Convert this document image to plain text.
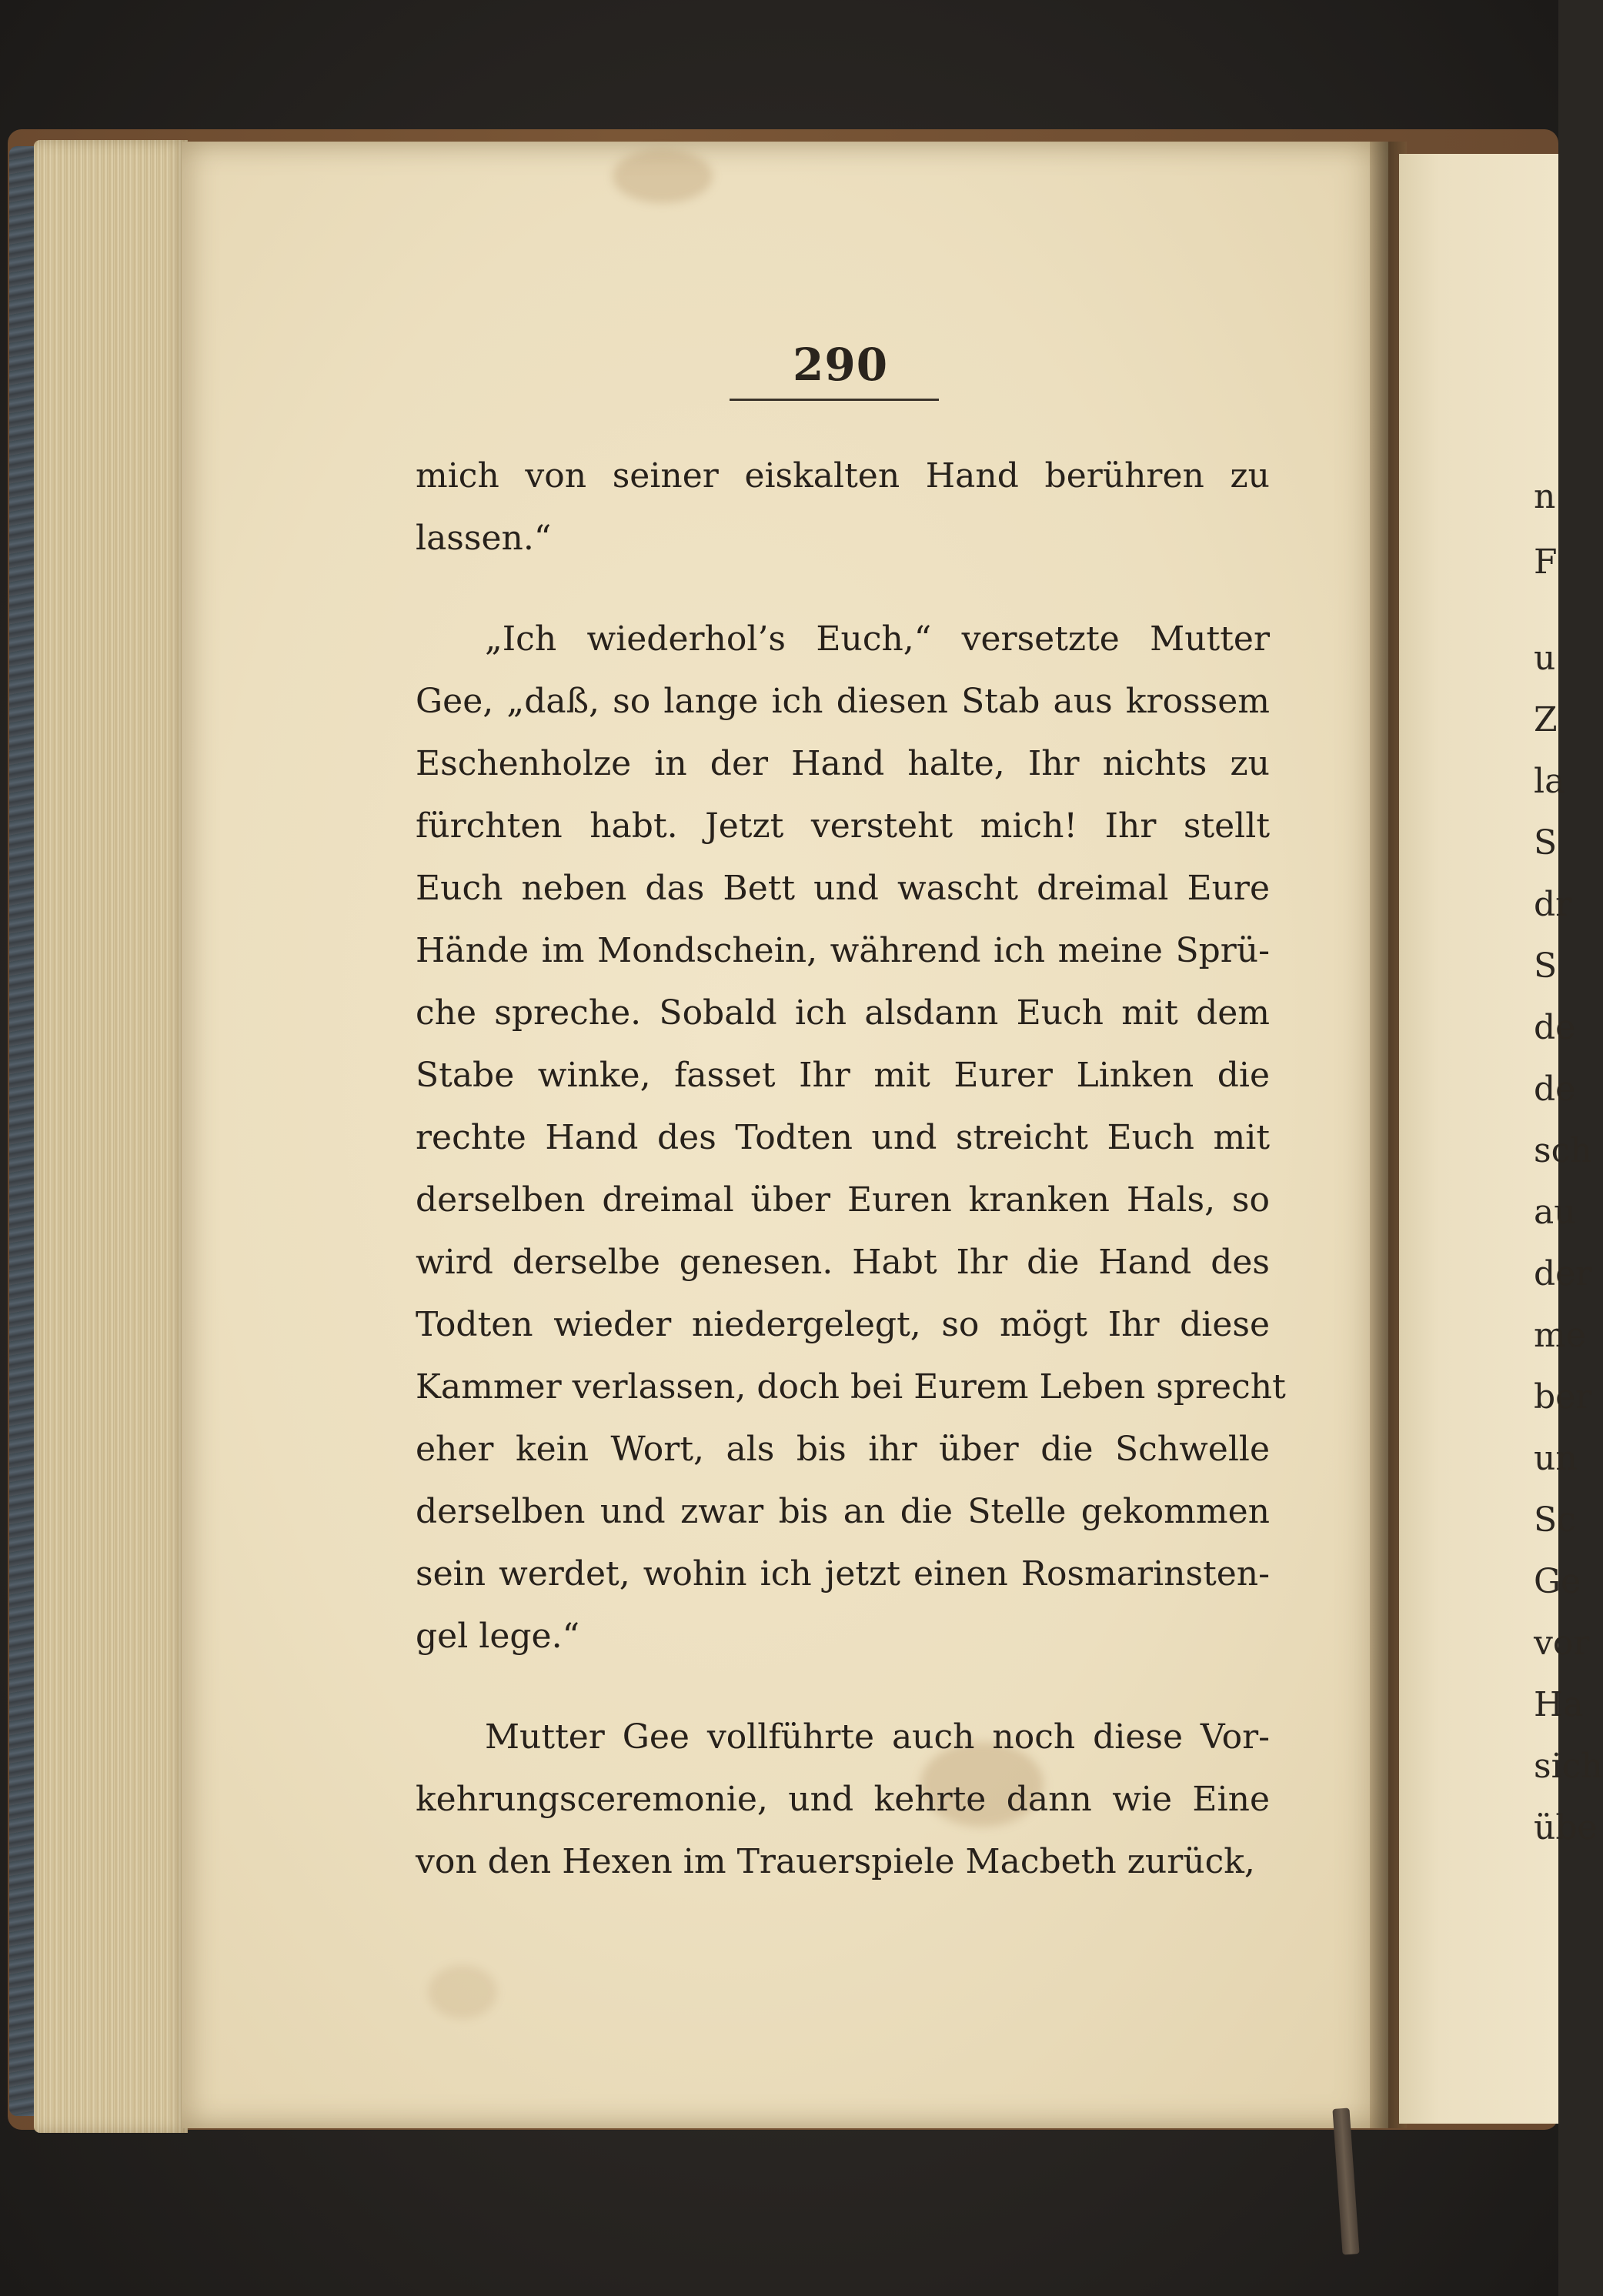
n
F
u
Z
la
S
dr
S
de
de
sch
au
der
me
ber
un
Sc
Ge
vor
Ha
sich
übe
290
mich von seiner eiskalten Hand berühren zu
lassen.“
„Ich wiederhol’s Euch,“ versetzte Mutter
Gee, „daß, so lange ich diesen Stab aus krossem
Eschenholze in der Hand halte, Ihr nichts zu
fürchten habt. Jetzt versteht mich! Ihr stellt
Euch neben das Bett und wascht dreimal Eure
Hände im Mondschein, während ich meine Sprü-
che spreche. Sobald ich alsdann Euch mit dem
Stabe winke, fasset Ihr mit Eurer Linken die
rechte Hand des Todten und streicht Euch mit
derselben dreimal über Euren kranken Hals, so
wird derselbe genesen. Habt Ihr die Hand des
Todten wieder niedergelegt, so mögt Ihr diese
Kammer verlassen, doch bei Eurem Leben sprecht
eher kein Wort, als bis ihr über die Schwelle
derselben und zwar bis an die Stelle gekommen
sein werdet, wohin ich jetzt einen Rosmarinsten-
gel lege.“
Mutter Gee vollführte auch noch diese Vor-
kehrungsceremonie, und kehrte dann wie Eine
von den Hexen im Trauerspiele Macbeth zurück,
